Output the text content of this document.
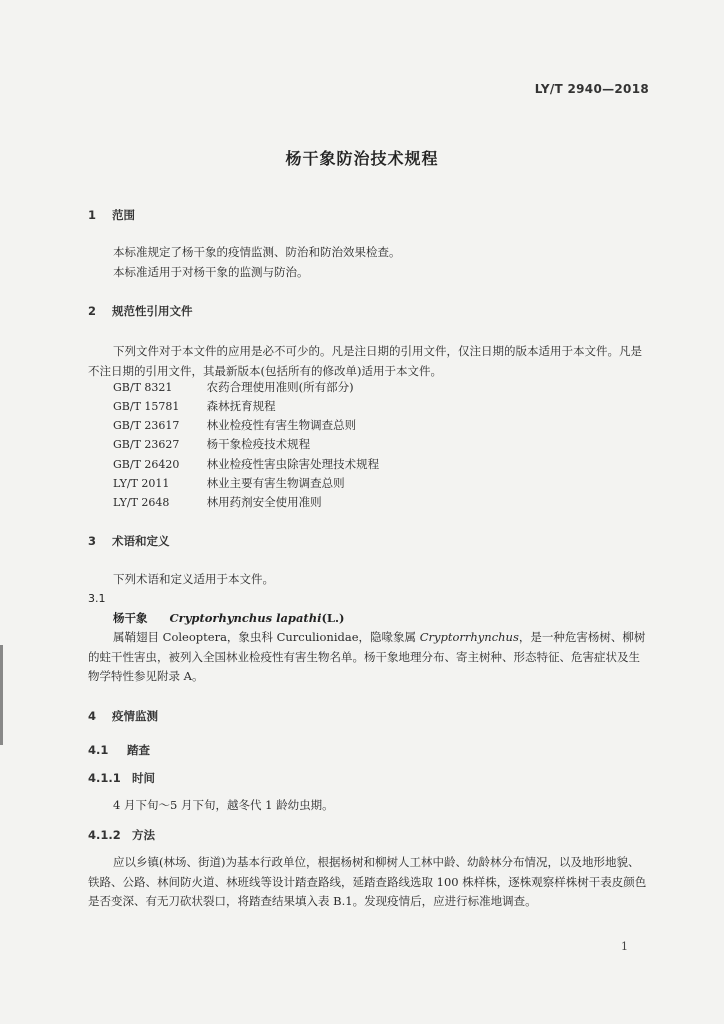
LY/T 2940—2018
杨干象防治技术规程
1 范围
本标准规定了杨干象的疫情监测、防治和防治效果检查。
本标准适用于对杨干象的监测与防治。
2 规范性引用文件
下列文件对于本文件的应用是必不可少的。凡是注日期的引用文件，仅注日期的版本适用于本文件。凡是不注日期的引用文件，其最新版本(包括所有的修改单)适用于本文件。
GB/T 8321	农药合理使用准则(所有部分)
GB/T 15781 森林抚育规程
GB/T 23617 林业检疫性有害生物调查总则
GB/T 23627 杨干象检疫技术规程
GB/T 26420 林业检疫性害虫除害处理技术规程
LY/T 2011	林业主要有害生物调查总则
LY/T 2648	林用药剂安全使用准则
3 术语和定义
下列术语和定义适用于本文件。
3.1
杨干象 Cryptorhynchus lapathi(L.)
属鞘翅目 Coleoptera，象虫科 Curculionidae，隐喙象属 Cryptorrhynchus，是一种危害杨树、柳树的蛀干性害虫，被列入全国林业检疫性有害生物名单。杨干象地理分布、寄主树种、形态特征、危害症状及生物学特性参见附录 A。
4 疫情监测
4.1 踏查
4.1.1 时间
4 月下旬～5 月下旬，越冬代 1 龄幼虫期。
4.1.2 方法
应以乡镇(林场、街道)为基本行政单位，根据杨树和柳树人工林中龄、幼龄林分布情况，以及地形地貌、铁路、公路、林间防火道、林班线等设计踏查路线，延踏查路线选取 100 株样株，逐株观察样株树干表皮颜色是否变深、有无刀砍状裂口，将踏查结果填入表 B.1。发现疫情后，应进行标准地调查。
1
